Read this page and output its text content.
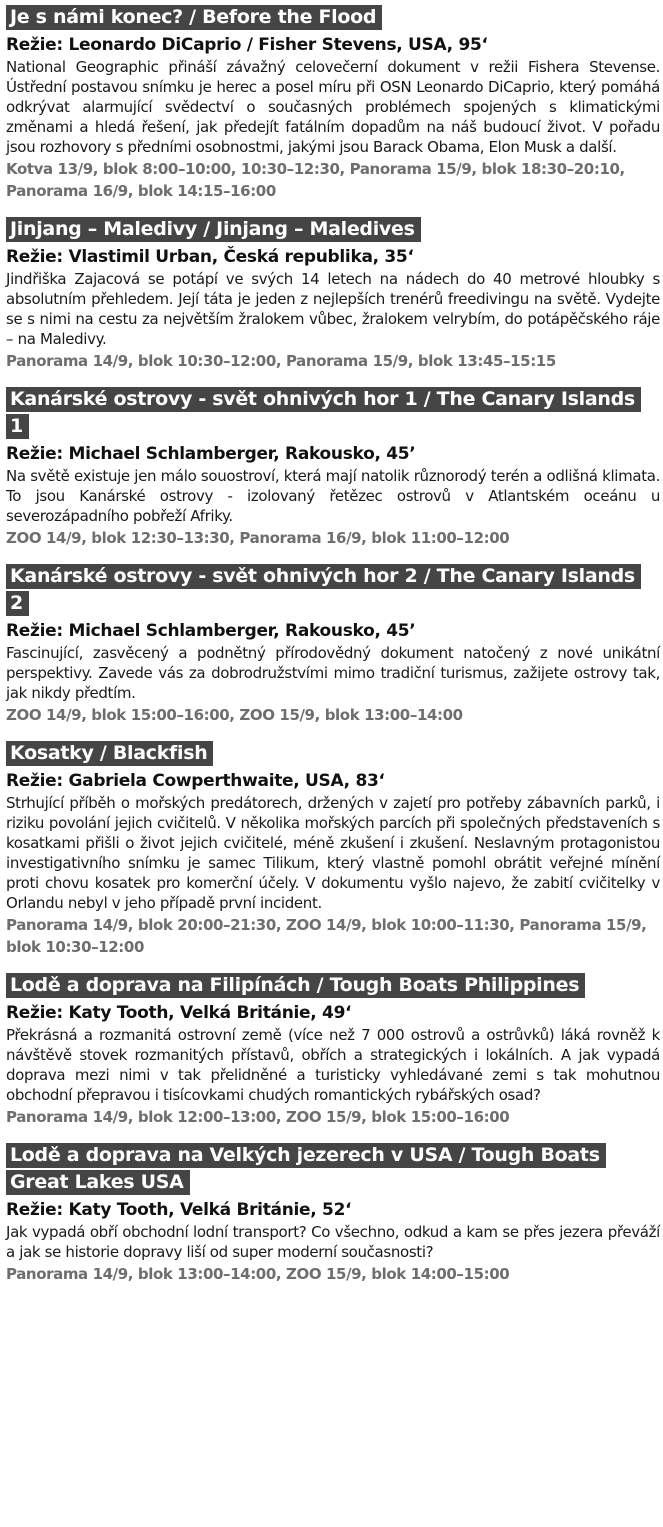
Je s námi konec? / Before the Flood
Režie: Leonardo DiCaprio / Fisher Stevens, USA, 95‘

National Geographic přináší závažný celovečerní dokument v režii Fishera Stevense. Ústřední postavou snímku je herec a posel míru při OSN Leonardo DiCaprio, který pomáhá odkrývat alarmující svědectví o současných problémech spojených s klimatickými změnami a hledá řešení, jak předejít fatálním dopadům na náš budoucí život. V pořadu jsou rozhovory s předními osobnostmi, jakými jsou Barack Obama, Elon Musk a další.

Kotva 13/9, blok 8:00–10:00, 10:30–12:30, Panorama 15/9, blok 18:30–20:10, Panorama 16/9, blok 14:15–16:00
Jinjang – Maledivy / Jinjang – Maledives
Režie: Vlastimil Urban, Česká republika, 35‘

Jindřiška Zajacová se potápí ve svých 14 letech na nádech do 40 metrové hloubky s absolutním přehledem. Její táta je jeden z nejlepších trenérů freedivingu na světě. Vydejte se s nimi na cestu za největším žralokem vůbec, žralokem velrybím, do potápěčského ráje – na Maledivy.

Panorama 14/9, blok 10:30–12:00, Panorama 15/9, blok 13:45–15:15
Kanárské ostrovy - svět ohnivých hor 1 / The Canary Islands 1
Režie: Michael Schlamberger, Rakousko, 45’

Na světě existuje jen málo souostroví, která mají natolik různorodý terén a odlišná klimata. To jsou Kanárské ostrovy - izolovaný řetězec ostrovů v Atlantském oceánu u severozápadního pobřeží Afriky.

ZOO 14/9, blok 12:30–13:30, Panorama 16/9, blok 11:00–12:00
Kanárské ostrovy - svět ohnivých hor 2 / The Canary Islands 2
Režie: Michael Schlamberger, Rakousko, 45’

Fascinující, zasvěcený a podnětný přírodovědný dokument natočený z nové unikátní perspektivy. Zavede vás za dobrodružstvími mimo tradiční turismus, zažijete ostrovy tak, jak nikdy předtím.

ZOO 14/9, blok 15:00–16:00, ZOO 15/9, blok 13:00–14:00
Kosatky / Blackfish
Režie: Gabriela Cowperthwaite, USA, 83‘

Strhující příběh o mořských predátorech, držených v zajetí pro potřeby zábavních parků, i riziku povolání jejich cvičitelů. V několika mořských parcích při společných představeních s kosatkami přišli o život jejich cvičitelé, méně zkušení i zkušení. Neslavným protagonistou investigativního snímku je samec Tilikum, který vlastně pomohl obrátit veřejné mínění proti chovu kosatek pro komerční účely. V dokumentu vyšlo najevo, že zabití cvičitelky v Orlandu nebyl v jeho případě první incident.

Panorama 14/9, blok 20:00–21:30, ZOO 14/9, blok 10:00–11:30, Panorama 15/9, blok 10:30–12:00
Lodě a doprava na Filipínách / Tough Boats Philippines
Režie: Katy Tooth, Velká Británie, 49‘

Překrásná a rozmanitá ostrovní země (více než 7 000 ostrovů a ostrůvků) láká rovněž k návštěvě stovek rozmanitých přístavů, obřích a strategických i lokálních. A jak vypadá doprava mezi nimi v tak přelidněné a turisticky vyhledávané zemi s tak mohutnou obchodní přepravou i tisícovkami chudých romantických rybářských osad?

Panorama 14/9, blok 12:00–13:00, ZOO 15/9, blok 15:00–16:00
Lodě a doprava na Velkých jezerech v USA / Tough Boats Great Lakes USA
Režie: Katy Tooth, Velká Británie, 52‘

Jak vypadá obří obchodní lodní transport? Co všechno, odkud a kam se přes jezera převáží a jak se historie dopravy liší od super moderní současnosti?

Panorama 14/9, blok 13:00–14:00, ZOO 15/9, blok 14:00–15:00
